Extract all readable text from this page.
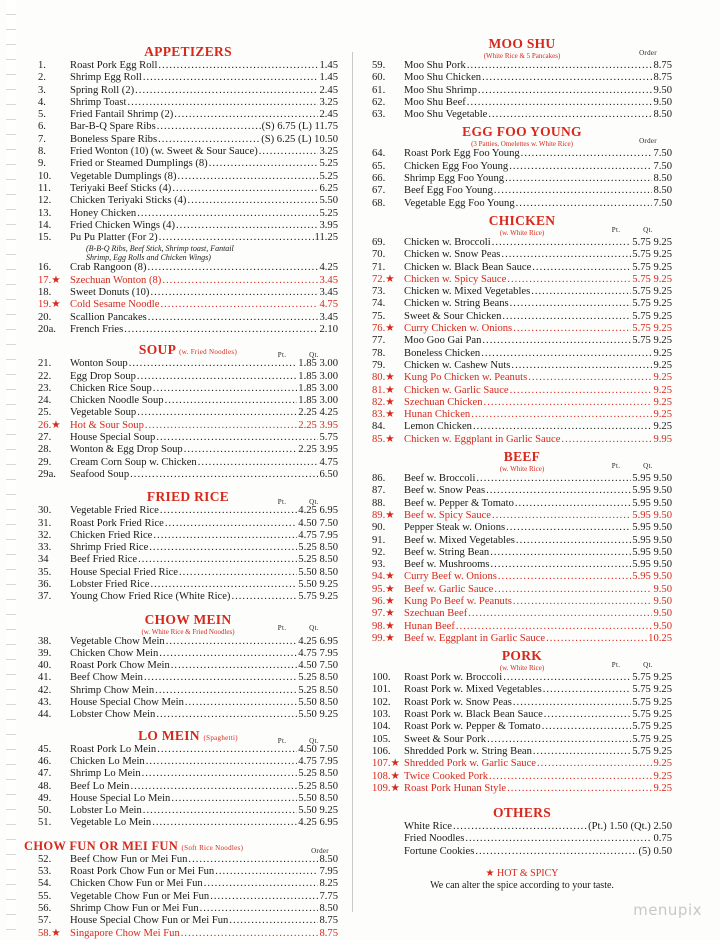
APPETIZERS
1.	Roast Pork Egg Roll .....	1.45
2.	Shrimp Egg Roll .....	1.45
3.	Spring Roll (2) .....	2.45
4.	Shrimp Toast .....	3.25
5.	Fried Fantail Shrimp (2) .....	2.45
6.	Bar-B-Q Spare Ribs .....	(S) 6.75 (L) 11.75
7.	Boneless Spare Ribs .....	(S) 6.25 (L) 10.50
8.	Fried Wonton (10) (w. Sweet & Sour Sauce) .....	3.25
9.	Fried or Steamed Dumplings (8) .....	5.25
10.	Vegetable Dumplings (8) .....	5.25
11.	Teriyaki Beef Sticks (4) .....	6.25
12.	Chicken Teriyaki Sticks (4) .....	5.50
13.	Honey Chicken .....	5.25
14.	Fried Chicken Wings (4) .....	3.95
15.	Pu Pu Platter (For 2) .....	11.25
(B-B-Q Ribs, Beef Stick, Shrimp toast, Fantail
Shrimp, Egg Rolls and Chicken Wings)
16.	Crab Rangoon (8) .....	4.25
17.★ Szechuan Wonton (8) .....	3.45
18.	Sweet Donuts (10) .....	3.45
19.★ Cold Sesame Noodle .....	4.75
20.	Scallion Pancakes .....	3.45
20a.	French Fries .....	2.10
SOUP (w. Fried Noodles)	Pt.	Qt.
21.	Wonton Soup .....	1.85 3.00
22.	Egg Drop Soup .....	1.85 3.00
23.	Chicken Rice Soup .....	1.85 3.00
24.	Chicken Noodle Soup .....	1.85 3.00
25.	Vegetable Soup .....	2.25 4.25
26.★ Hot & Sour Soup .....	2.25 3.95
27.	House Special Soup .....	5.75
28.	Wonton & Egg Drop Soup .....	2.25 3.95
29.	Cream Corn Soup w. Chicken .....	4.75
29a.	Seafood Soup .....	6.50
FRIED RICE	Pt.	Qt.
30.	Vegetable Fried Rice .....	4.25 6.95
31.	Roast Pork Fried Rice .....	4.50 7.50
32.	Chicken Fried Rice .....	4.75 7.95
33.	Shrimp Fried Rice .....	5.25 8.50
34	Beef Fried Rice .....	5.25 8.50
35.	House Special Fried Rice .....	5.50 8.50
36.	Lobster Fried Rice .....	5.50 9.25
37.	Young Chow Fried Rice (White Rice) .....	5.75 9.25
CHOW MEIN
Pt.	Qt.
(w. White Rice & Fried Noodles)
38.	Vegetable Chow Mein .....	4.25 6.95
39.	Chicken Chow Mein .....	4.75 7.95
40.	Roast Pork Chow Mein .....	4.50 7.50
41.	Beef Chow Mein .....	5.25 8.50
42.	Shrimp Chow Mein .....	5.25 8.50
43.	House Special Chow Mein .....	5.50 8.50
44.	Lobster Chow Mein .....	5.50 9.25
LO MEIN (Spaghetti)	Pt.	Qt.
45.	Roast Pork Lo Mein .....	4.50 7.50
46.	Chicken Lo Mein .....	4.75 7.95
47.	Shrimp Lo Mein .....	5.25 8.50
48.	Beef Lo Mein .....	5.25 8.50
49.	House Special Lo Mein .....	5.50 8.50
50.	Lobster Lo Mein .....	5.50 9.25
51.	Vegetable Lo Mein .....	4.25 6.95
CHOW FUN OR MEI FUN (Soft Rice Noodles)	Order
52.	Beef Chow Fun or Mei Fun .....	8.50
53.	Roast Pork Chow Fun or Mei Fun .....	7.95
54.	Chicken Chow Fun or Mei Fun .....	8.25
55.	Vegetable Chow Fun or Mei Fun .....	7.75
56.	Shrimp Chow Fun or Mei Fun .....	8.50
57.	House Special Chow Fun or Mei Fun .....	8.75
58.★ Singapore Chow Mei Fun .....	8.75
MOO SHU
Order
(White Rice & 5 Pancakes)
59.	Moo Shu Pork .....	8.75
60.	Moo Shu Chicken .....	8.75
61.	Moo Shu Shrimp .....	9.50
62.	Moo Shu Beef .....	9.50
63.	Moo Shu Vegetable .....	8.50
EGG FOO YOUNG
Order
(3 Patties, Omelettes w. White Rice)
64.	Roast Pork Egg Foo Young .....	7.50
65.	Chicken Egg Foo Young .....	7.50
66.	Shrimp Egg Foo Young .....	8.50
67.	Beef Egg Foo Young .....	8.50
68.	Vegetable Egg Foo Young .....	7.50
CHICKEN
Pt.	Qt.
(w. White Rice)
69.	Chicken w. Broccoli .....	5.75 9.25
70.	Chicken w. Snow Peas .....	5.75 9.25
71.	Chicken w. Black Bean Sauce .....	5.75 9.25
72.★ Chicken w. Spicy Sauce .....	5.75 9.25
73.	Chicken w. Mixed Vegetables .....	5.75 9.25
74.	Chicken w. String Beans .....	5.75 9.25
75.	Sweet & Sour Chicken .....	5.75 9.25
76.★ Curry Chicken w. Onions .....	5.75 9.25
77.	Moo Goo Gai Pan .....	5.75 9.25
78.	Boneless Chicken .....	9.25
79.	Chicken w. Cashew Nuts .....	9.25
80.★ Kung Po Chicken w. Peanuts .....	9.25
81.★ Chicken w. Garlic Sauce .....	9.25
82.★ Szechuan Chicken .....	9.25
83.★ Hunan Chicken .....	9.25
84.	Lemon Chicken .....	9.25
85.★ Chicken w. Eggplant in Garlic Sauce .....	9.95
BEEF
Pt.	Qt.
(w. White Rice)
86.	Beef w. Broccoli .....	5.95 9.50
87.	Beef w. Snow Peas .....	5.95 9.50
88.	Beef w. Pepper & Tomato .....	5.95 9.50
89.★ Beef w. Spicy Sauce .....	5.95 9.50
90.	Pepper Steak w. Onions .....	5.95 9.50
91.	Beef w. Mixed Vegetables .....	5.95 9.50
92.	Beef w. String Bean .....	5.95 9.50
93.	Beef w. Mushrooms .....	5.95 9.50
94.★ Curry Beef w. Onions .....	5.95 9.50
95.★ Beef w. Garlic Sauce .....	9.50
96.★ Kung Po Beef w. Peanuts .....	9.50
97.★ Szechuan Beef .....	9.50
98.★ Hunan Beef .....	9.50
99.★ Beef w. Eggplant in Garlic Sauce .....	10.25
PORK
Pt.	Qt.
(w. White Rice)
100.	Roast Pork w. Broccoli .....	5.75 9.25
101.	Roast Pork w. Mixed Vegetables .....	5.75 9.25
102.	Roast Pork w. Snow Peas .....	5.75 9.25
103.	Roast Pork w. Black Bean Sauce .....	5.75 9.25
104.	Roast Pork w. Pepper & Tomato .....	5.75 9.25
105.	Sweet & Sour Pork .....	5.75 9.25
106.	Shredded Pork w. String Bean .....	5.75 9.25
107.★ Shredded Pork w. Garlic Sauce .....	9.25
108.★ Twice Cooked Pork .....	9.25
109.★ Roast Pork Hunan Style .....	9.25
OTHERS
White Rice .....	(Pt.) 1.50 (Qt.) 2.50
Fried Noodles .....	0.75
Fortune Cookies .....	(5) 0.50
★ HOT & SPICY
We can alter the spice according to your taste.
menupix
